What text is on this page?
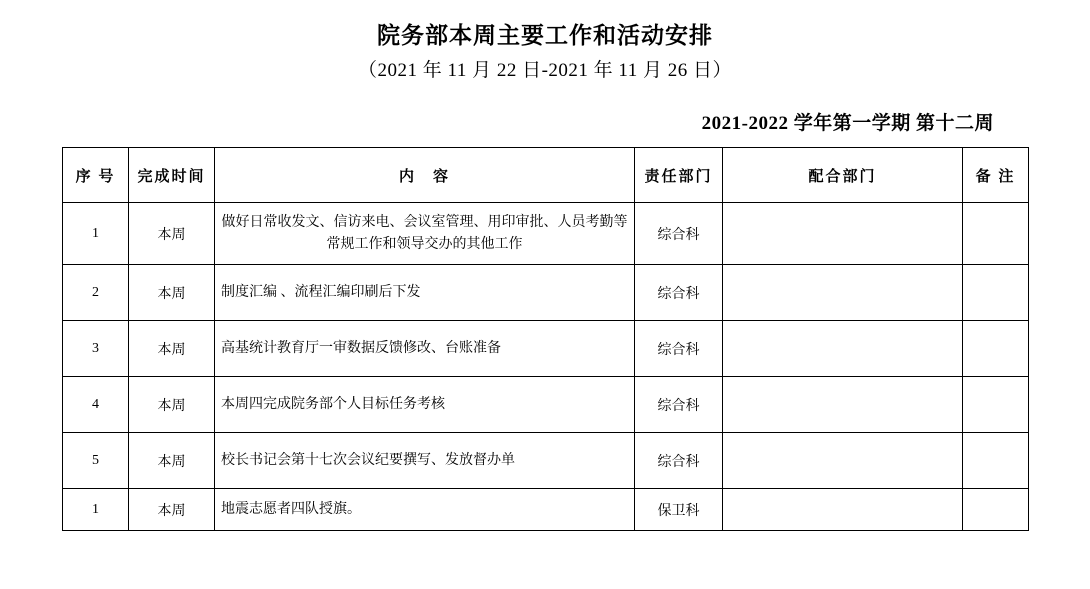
院务部本周主要工作和活动安排
（2021 年 11 月 22 日-2021 年 11 月 26 日）
2021-2022 学年第一学期 第十二周
序 号	完成时间	内　容	责任部门	配合部门	备 注
1	本周	做好日常收发文、信访来电、会议室管理、用印审批、人员考勤等常规工作和领导交办的其他工作	综合科		
2	本周	制度汇编 、流程汇编印刷后下发	综合科		
3	本周	高基统计教育厅一审数据反馈修改、台账准备	综合科		
4	本周	本周四完成院务部个人目标任务考核	综合科		
5	本周	校长书记会第十七次会议纪要撰写、发放督办单	综合科		
1	本周	地震志愿者四队授旗。	保卫科		
